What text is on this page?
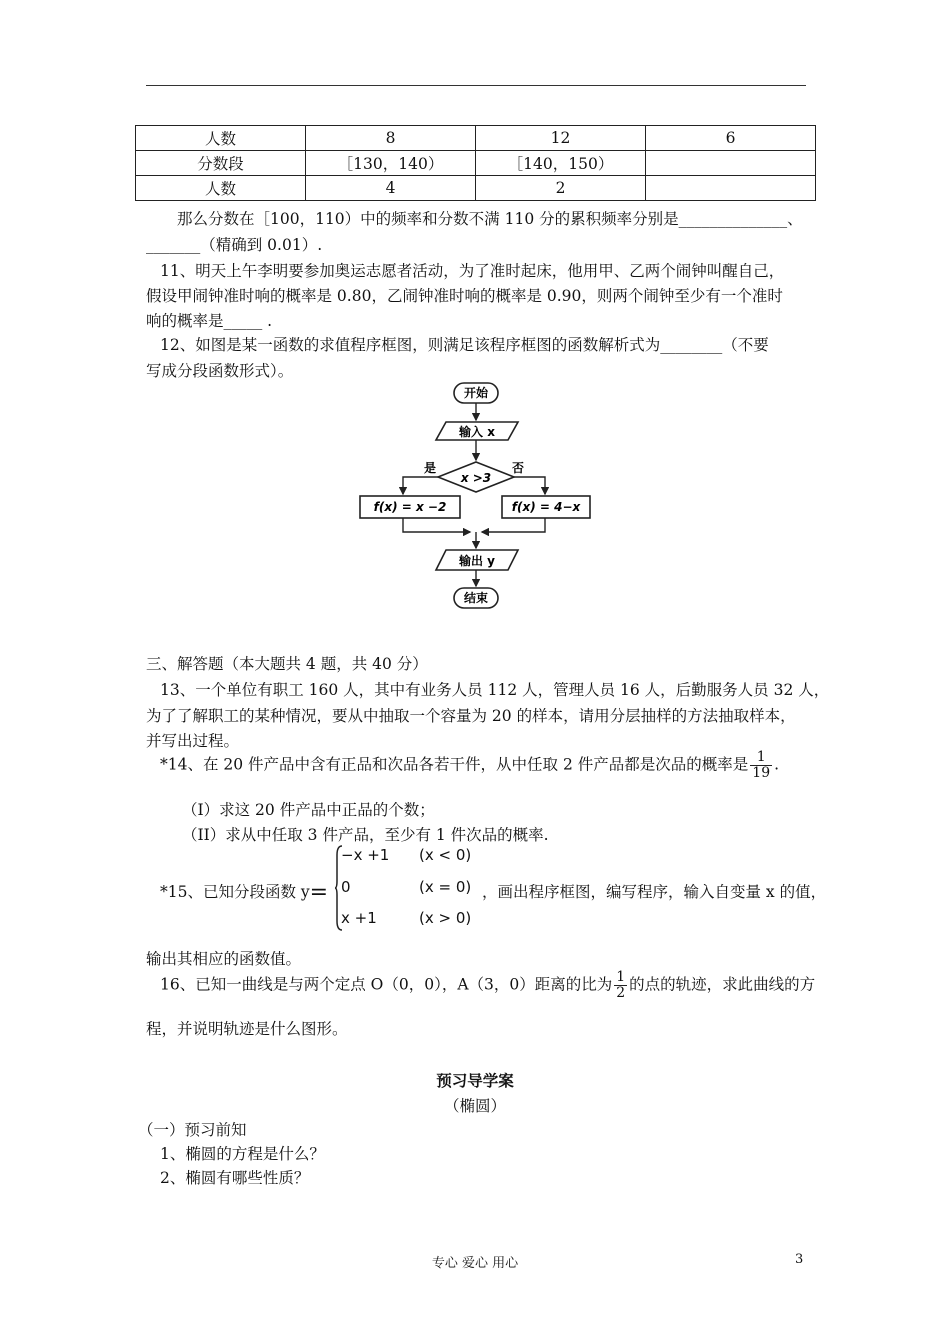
人数	8	12	6
分数段	［130，140）	［140，150）	
人数	4	2	
那么分数在［100，110）中的频率和分数不满 110 分的累积频率分别是______________、
_______（精确到 0.01）.
11、明天上午李明要参加奥运志愿者活动，为了准时起床，他用甲、乙两个闹钟叫醒自己，
假设甲闹钟准时响的概率是 0.80，乙闹钟准时响的概率是 0.90，则两个闹钟至少有一个准时
响的概率是_____ .
12、如图是某一函数的求值程序框图，则满足该程序框图的函数解析式为________（不要
写成分段函数形式）。
开始
输入 x
x >3
是	否
f(x) = x −2	f(x) = 4−x
输出 y
结束
三、解答题（本大题共 4 题，共 40 分）
13、一个单位有职工 160 人，其中有业务人员 112 人，管理人员 16 人，后勤服务人员 32 人，
为了了解职工的某种情况，要从中抽取一个容量为 20 的样本，请用分层抽样的方法抽取样本，
并写出过程。
*14、在 20 件产品中含有正品和次品各若干件，从中任取 2 件产品都是次品的概率是 $\frac{1}{19}$ .
（I）求这 20 件产品中正品的个数；
（II）求从中任取 3 件产品，至少有 1 件次品的概率.
*15、已知分段函数 y=
−x +1 (x < 0)
0	(x = 0)
x +1	(x > 0)
，画出程序框图，编写程序，输入自变量 x 的值，
输出其相应的函数值。
16、已知一曲线是与两个定点 O（0，0），A（3，0）距离的比为 $\frac{1}{2}$ 的点的轨迹，求此曲线的方
程，并说明轨迹是什么图形。
预习导学案
（椭圆）
（一）预习前知
1、椭圆的方程是什么？
2、椭圆有哪些性质？
专心 爱心 用心	3
